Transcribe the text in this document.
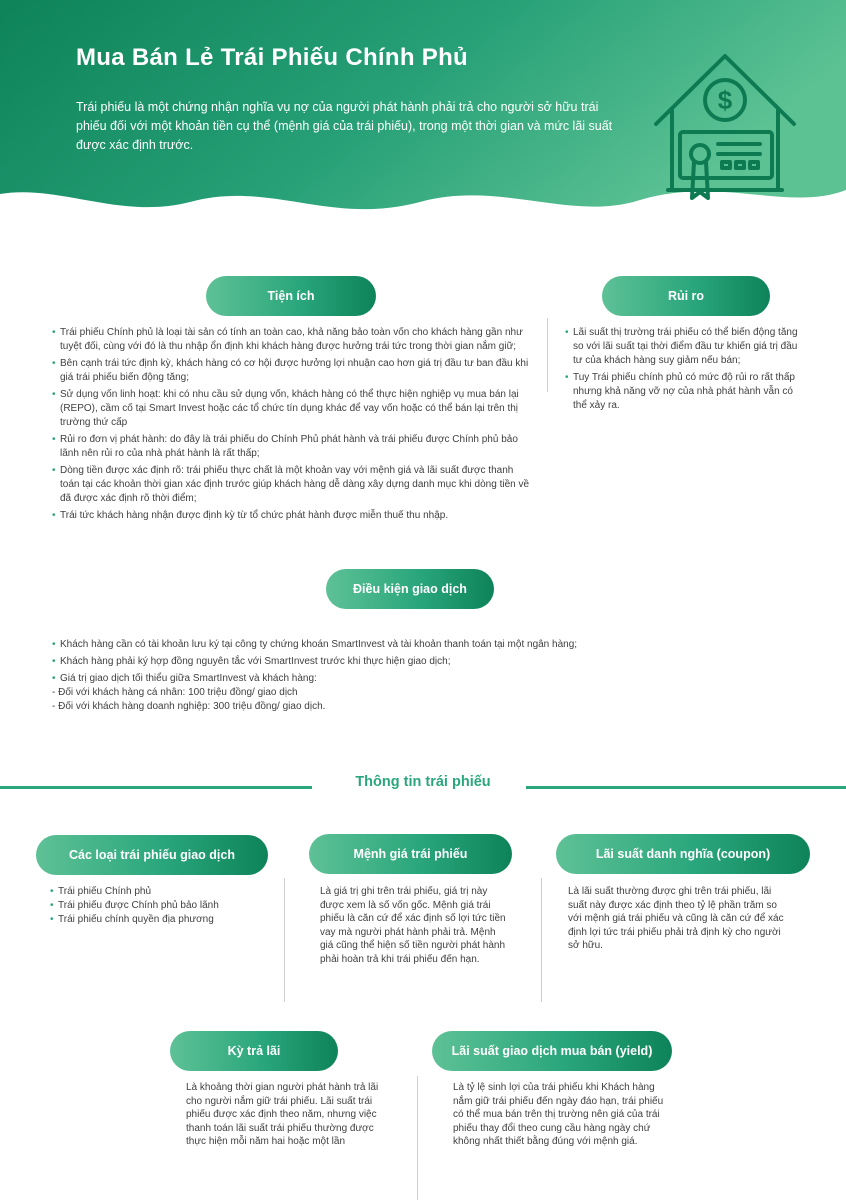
Mua Bán Lẻ Trái Phiếu Chính Phủ
Trái phiếu là một chứng nhận nghĩa vụ nợ của người phát hành phải trả cho người sở hữu trái phiếu đối với một khoản tiền cụ thể (mệnh giá của trái phiếu), trong một thời gian và mức lãi suất được xác định trước.
$
Tiện ích
• Trái phiếu Chính phủ là loại tài sản có tính an toàn cao, khả năng bảo toàn vốn cho khách hàng gần như tuyệt đối, cùng với đó là thu nhập ổn định khi khách hàng được hưởng trái tức trong thời gian nắm giữ;
• Bên cạnh trái tức định kỳ, khách hàng có cơ hội được hưởng lợi nhuận cao hơn giá trị đầu tư ban đầu khi giá trái phiếu biến động tăng;
• Sử dụng vốn linh hoạt: khi có nhu cầu sử dụng vốn, khách hàng có thể thực hiện nghiệp vụ mua bán lại (REPO), cầm cố tại Smart Invest hoặc các tổ chức tín dụng khác để vay vốn hoặc có thể bán lại trên thị trường thứ cấp
• Rủi ro đơn vị phát hành: do đây là trái phiếu do Chính Phủ phát hành và trái phiếu được Chính phủ bảo lãnh nên rủi ro của nhà phát hành là rất thấp;
• Dòng tiền được xác định rõ: trái phiếu thực chất là một khoản vay với mệnh giá và lãi suất được thanh toán tại các khoản thời gian xác định trước giúp khách hàng dễ dàng xây dựng danh mục khi dòng tiền về đã được xác định rõ thời điểm;
• Trái tức khách hàng nhận được định kỳ từ tổ chức phát hành được miễn thuế thu nhập.
Rủi ro
• Lãi suất thị trường trái phiếu có thể biến động tăng so với lãi suất tại thời điểm đầu tư khiến giá trị đầu tư của khách hàng suy giảm nếu bán;
• Tuy Trái phiếu chính phủ có mức độ rủi ro rất thấp nhưng khả năng vỡ nợ của nhà phát hành vẫn có thể xảy ra.
Điều kiện giao dịch
• Khách hàng cần có tài khoản lưu ký tại công ty chứng khoán SmartInvest và tài khoản thanh toán tại một ngân hàng;
• Khách hàng phải ký hợp đồng nguyên tắc với SmartInvest trước khi thực hiện giao dịch;
• Giá trị giao dịch tối thiểu giữa SmartInvest và khách hàng:
- Đối với khách hàng cá nhân: 100 triệu đồng/ giao dịch
- Đối với khách hàng doanh nghiệp: 300 triệu đồng/ giao dịch.
Thông tin trái phiếu
Các loại trái phiếu giao dịch
• Trái phiếu Chính phủ
• Trái phiếu được Chính phủ bảo lãnh
• Trái phiếu chính quyền địa phương
Mệnh giá trái phiếu
Là giá trị ghi trên trái phiếu, giá trị này được xem là số vốn gốc. Mệnh giá trái phiếu là căn cứ để xác định số lợi tức tiền vay mà người phát hành phải trả. Mệnh giá cũng thể hiện số tiền người phát hành phải hoàn trả khi trái phiếu đến hạn.
Lãi suất danh nghĩa (coupon)
Là lãi suất thường được ghi trên trái phiếu, lãi suất này được xác định theo tỷ lệ phần trăm so với mệnh giá trái phiếu và cũng là căn cứ để xác định lợi tức trái phiếu phải trả định kỳ cho người sở hữu.
Kỳ trả lãi
Là khoảng thời gian người phát hành trả lãi cho người nắm giữ trái phiếu. Lãi suất trái phiếu được xác định theo năm, nhưng việc thanh toán lãi suất trái phiếu thường được thực hiện mỗi năm hai hoặc một lần
Lãi suất giao dịch mua bán (yield)
Là tỷ lệ sinh lợi của trái phiếu khi Khách hàng nắm giữ trái phiếu đến ngày đáo hạn, trái phiếu có thể mua bán trên thị trường nên giá của trái phiếu thay đổi theo cung cầu hàng ngày chứ không nhất thiết bằng đúng với mệnh giá.
